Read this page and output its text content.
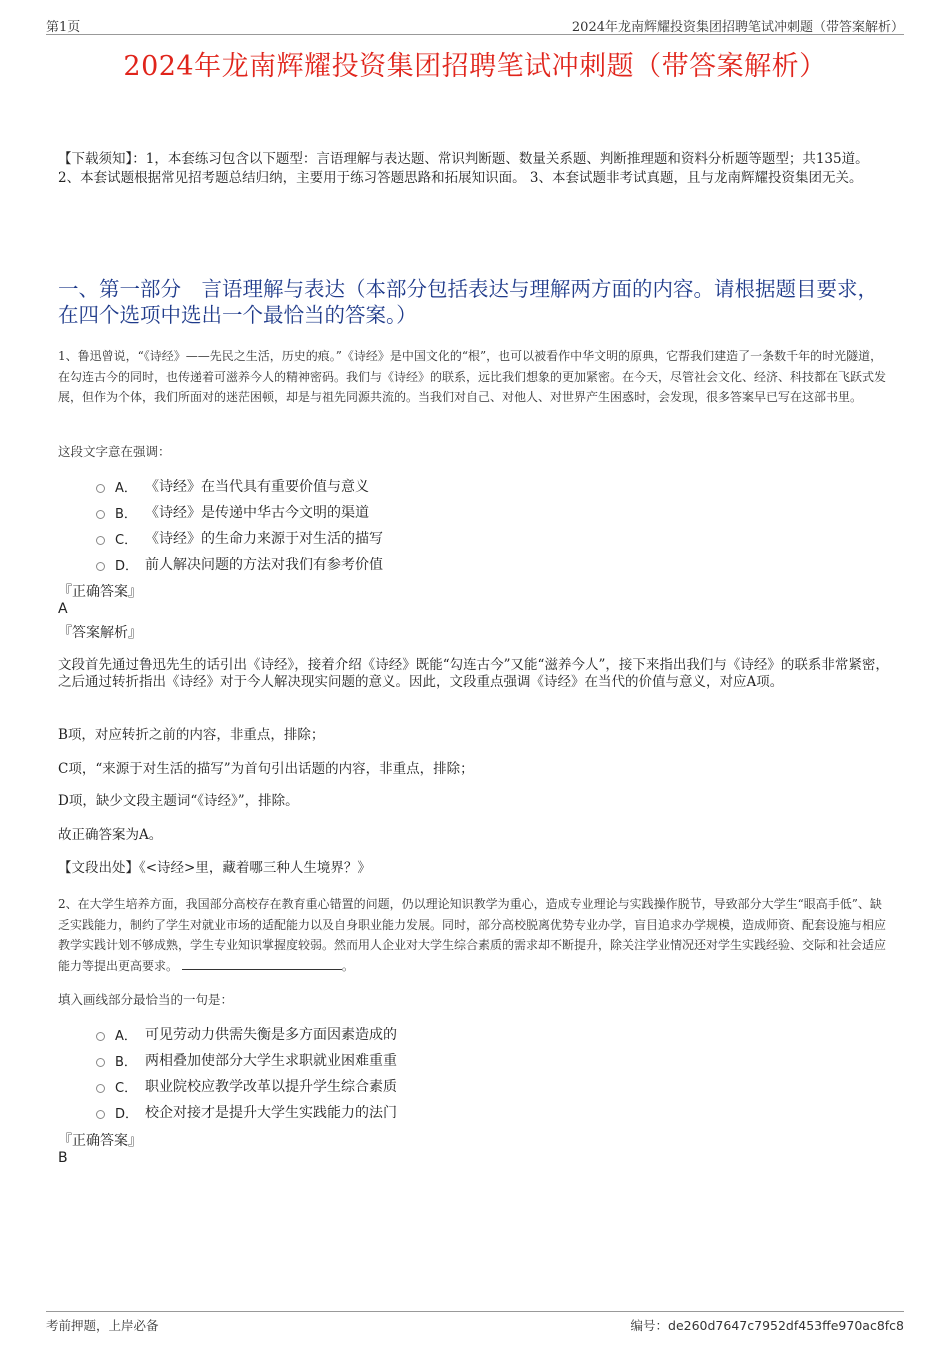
第1页	2024年龙南辉耀投资集团招聘笔试冲刺题（带答案解析）
2024年龙南辉耀投资集团招聘笔试冲刺题（带答案解析）
【下载须知】：1，本套练习包含以下题型：言语理解与表达题、常识判断题、数量关系题、判断推理题和资料分析题等题型；共135道。 2、本套试题根据常见招考题总结归纳，主要用于练习答题思路和拓展知识面。 3、本套试题非考试真题，且与龙南辉耀投资集团无关。
一、第一部分　言语理解与表达（本部分包括表达与理解两方面的内容。请根据题目要求，在四个选项中选出一个最恰当的答案。）
1、鲁迅曾说，“《诗经》——先民之生活，历史的痕。”《诗经》是中国文化的“根”，也可以被看作中华文明的原典，它帮我们建造了一条数千年的时光隧道，在勾连古今的同时，也传递着可滋养今人的精神密码。我们与《诗经》的联系，远比我们想象的更加紧密。在今天，尽管社会文化、经济、科技都在飞跃式发展，但作为个体，我们所面对的迷茫困顿，却是与祖先同源共流的。当我们对自己、对他人、对世界产生困惑时，会发现，很多答案早已写在这部书里。
这段文字意在强调：
A． 《诗经》在当代具有重要价值与意义
B． 《诗经》是传递中华古今文明的渠道
C． 《诗经》的生命力来源于对生活的描写
D． 前人解决问题的方法对我们有参考价值
『正确答案』
A
『答案解析』
文段首先通过鲁迅先生的话引出《诗经》，接着介绍《诗经》既能“勾连古今”又能“滋养今人”，接下来指出我们与《诗经》的联系非常紧密，之后通过转折指出《诗经》对于今人解决现实问题的意义。因此，文段重点强调《诗经》在当代的价值与意义，对应A项。
B项，对应转折之前的内容，非重点，排除；
C项，“来源于对生活的描写”为首句引出话题的内容，非重点，排除；
D项，缺少文段主题词“《诗经》”，排除。
故正确答案为A。
【文段出处】《<诗经>里，藏着哪三种人生境界？》
2、在大学生培养方面，我国部分高校存在教育重心错置的问题，仍以理论知识教学为重心，造成专业理论与实践操作脱节，导致部分大学生“眼高手低”、缺乏实践能力，制约了学生对就业市场的适配能力以及自身职业能力发展。同时，部分高校脱离优势专业办学，盲目追求办学规模，造成师资、配套设施与相应教学实践计划不够成熟，学生专业知识掌握度较弱。然而用人企业对大学生综合素质的需求却不断提升，除关注学业情况还对学生实践经验、交际和社会适应能力等提出更高要求。	。
填入画线部分最恰当的一句是：
A． 可见劳动力供需失衡是多方面因素造成的
B． 两相叠加使部分大学生求职就业困难重重
C． 职业院校应教学改革以提升学生综合素质
D． 校企对接才是提升大学生实践能力的法门
『正确答案』
B
考前押题，上岸必备	编号：de260d7647c7952df453ffe970ac8fc8
